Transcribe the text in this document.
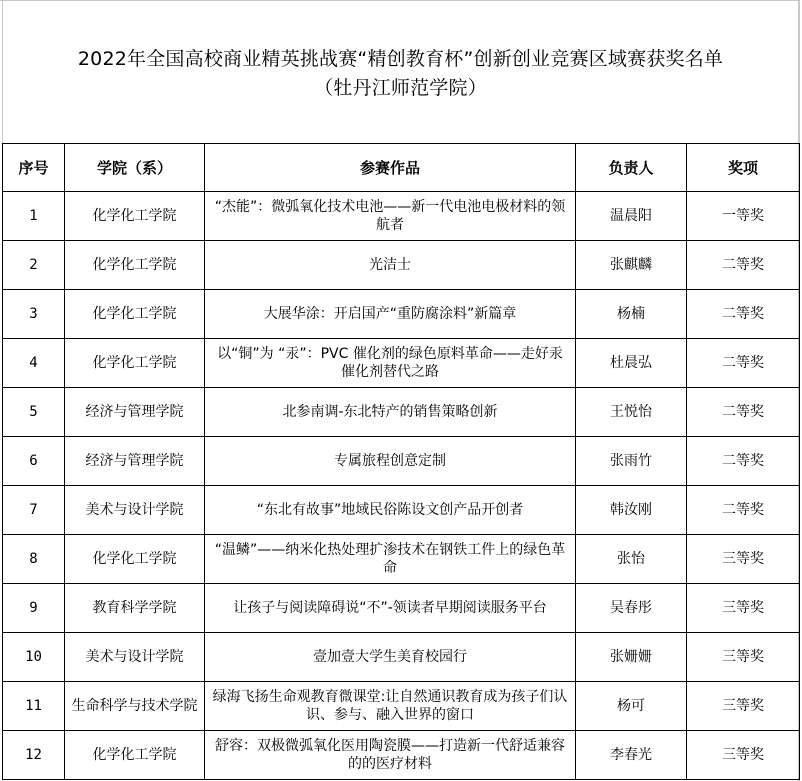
2022年全国高校商业精英挑战赛“精创教育杯”创新创业竞赛区域赛获奖名单
（牡丹江师范学院）
序号	学院（系）	参赛作品	负责人	奖项
1	化学化工学院	“杰能”：微弧氧化技术电池——新一代电池电极材料的领航者	温晨阳	一等奖
2	化学化工学院	光洁士	张麒麟	二等奖
3	化学化工学院	大展华涂：开启国产“重防腐涂料”新篇章	杨楠	二等奖
4	化学化工学院	以“铜”为 “汞”：PVC 催化剂的绿色原料革命——走好汞催化剂替代之路	杜晨弘	二等奖
5	经济与管理学院	北参南调-东北特产的销售策略创新	王悦怡	二等奖
6	经济与管理学院	专属旅程创意定制	张雨竹	二等奖
7	美术与设计学院	“东北有故事”地域民俗陈设文创产品开创者	韩汝刚	二等奖
8	化学化工学院	“温鳞”——纳米化热处理扩渗技术在钢铁工件上的绿色革命	张怡	三等奖
9	教育科学学院	让孩子与阅读障碍说“不”-领读者早期阅读服务平台	吴春彤	三等奖
10	美术与设计学院	壹加壹大学生美育校园行	张姗姗	三等奖
11	生命科学与技术学院	绿海飞扬生命观教育微课堂:让自然通识教育成为孩子们认识、参与、融入世界的窗口	杨可	三等奖
12	化学化工学院	舒容：双极微弧氧化医用陶瓷膜——打造新一代舒适兼容的的医疗材料	李春光	三等奖
